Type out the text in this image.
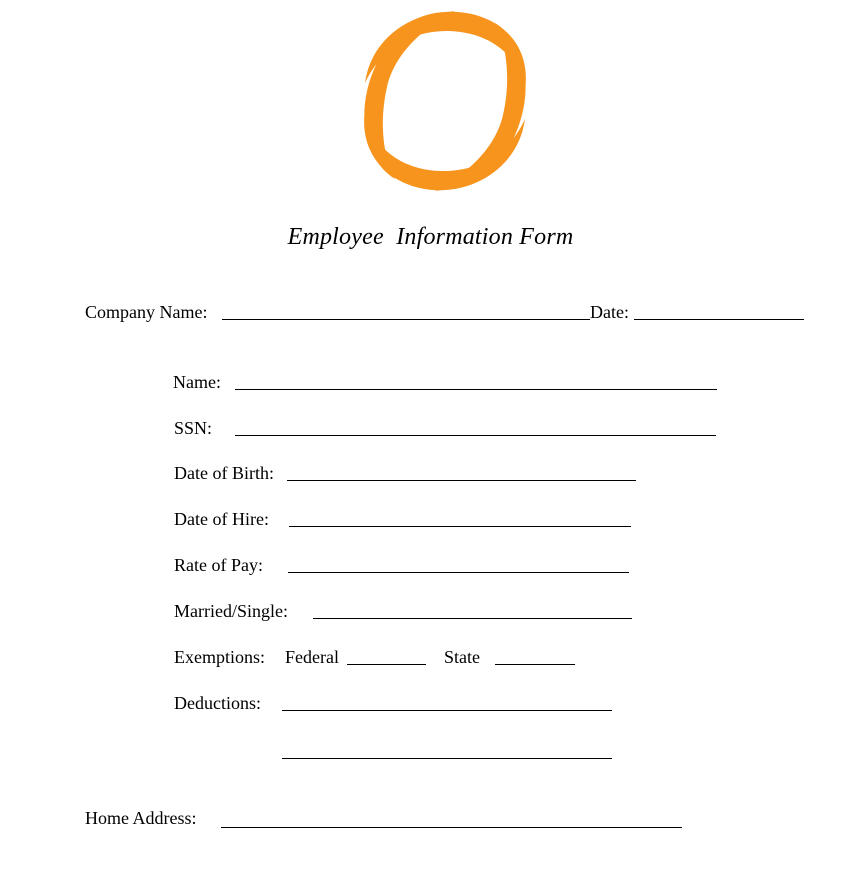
Employee  Information Form
Company Name:	Date:
Name:
SSN:
Date of Birth:
Date of Hire:
Rate of Pay:
Married/Single:
Exemptions: Federal	State
Deductions:
Home Address:
